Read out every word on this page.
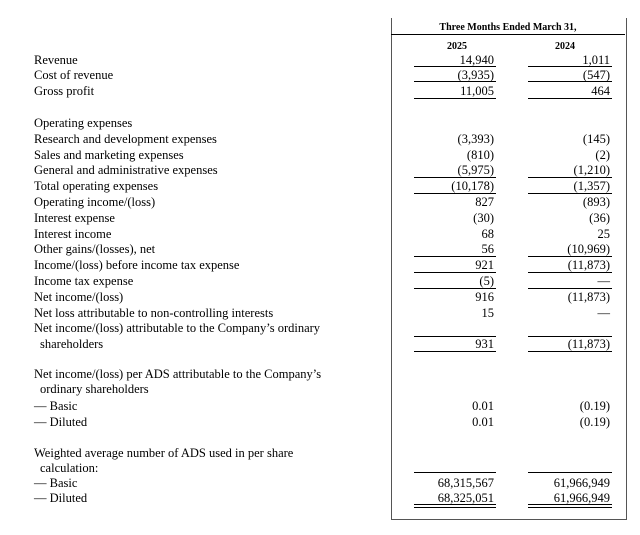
Three Months Ended March 31,
2025	2024
Revenue	14,940	1,011
Cost of revenue	(3,935)	(547)
Gross profit	11,005	464
Operating expenses
Research and development expenses	(3,393)	(145)
Sales and marketing expenses	(810)	(2)
General and administrative expenses	(5,975)	(1,210)
Total operating expenses	(10,178)	(1,357)
Operating income/(loss)	827	(893)
Interest expense	(30)	(36)
Interest income	68	25
Other gains/(losses), net	56	(10,969)
Income/(loss) before income tax expense	921	(11,873)
Income tax expense	(5)	—
Net income/(loss)	916	(11,873)
Net loss attributable to non-controlling interests	15	—
Net income/(loss) attributable to the Company’s ordinary
shareholders	931	(11,873)
Net income/(loss) per ADS attributable to the Company’s
ordinary shareholders
— Basic	0.01	(0.19)
— Diluted	0.01	(0.19)
Weighted average number of ADS used in per share
calculation:
— Basic	68,315,567	61,966,949
— Diluted	68,325,051	61,966,949
